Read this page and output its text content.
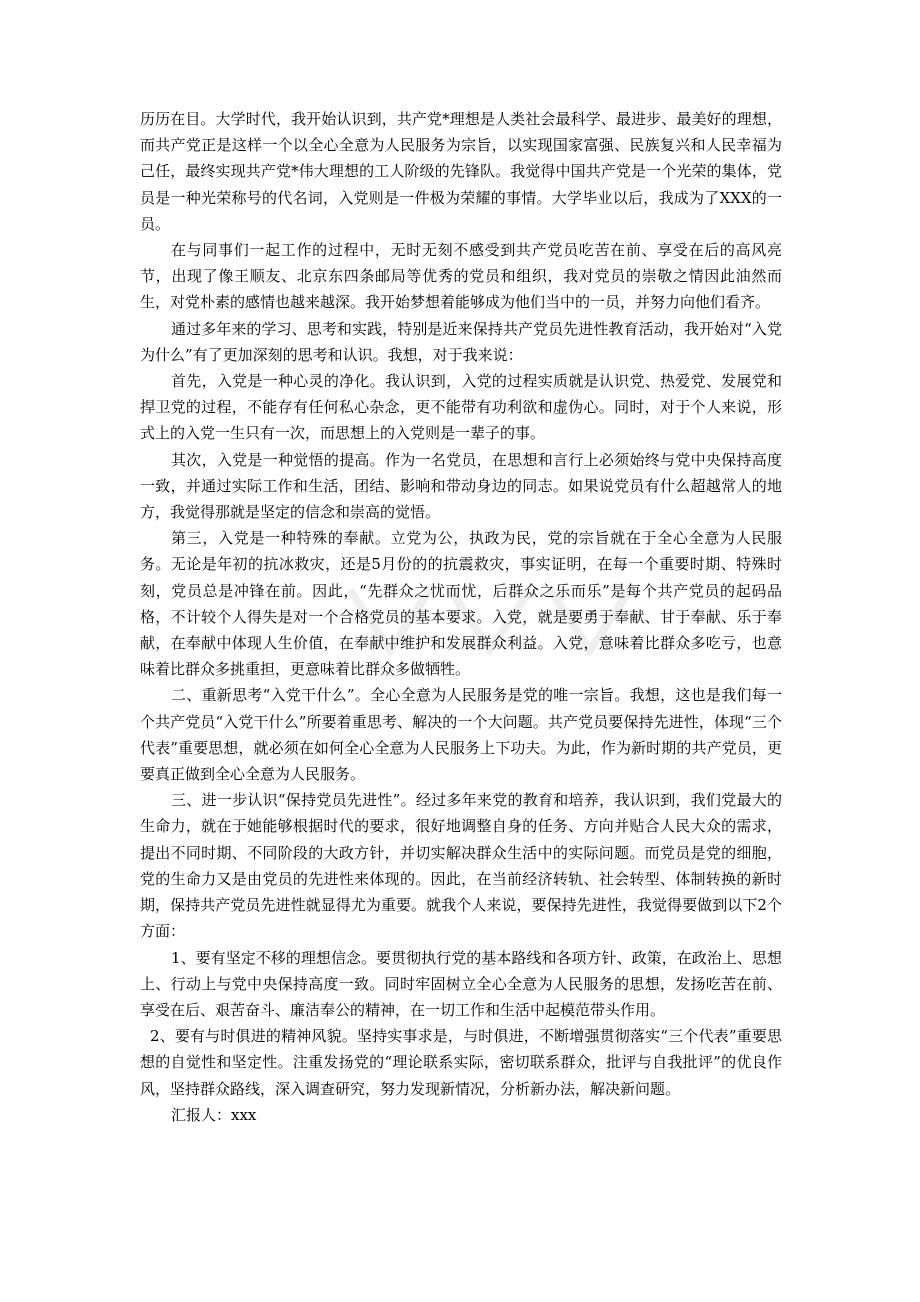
历历在目。大学时代，我开始认识到，共产党*理想是人类社会最科学、最进步、最美好的理想，而共产党正是这样一个以全心全意为人民服务为宗旨，以实现国家富强、民族复兴和人民幸福为己任，最终实现共产党*伟大理想的工人阶级的先锋队。我觉得中国共产党是一个光荣的集体，党员是一种光荣称号的代名词，入党则是一件极为荣耀的事情。大学毕业以后，我成为了XXX的一员。

在与同事们一起工作的过程中，无时无刻不感受到共产党员吃苦在前、享受在后的高风亮节，出现了像王顺友、北京东四条邮局等优秀的党员和组织，我对党员的崇敬之情因此油然而生，对党朴素的感情也越来越深。我开始梦想着能够成为他们当中的一员，并努力向他们看齐。

通过多年来的学习、思考和实践，特别是近来保持共产党员先进性教育活动，我开始对“入党为什么”有了更加深刻的思考和认识。我想，对于我来说：

首先，入党是一种心灵的净化。我认识到，入党的过程实质就是认识党、热爱党、发展党和捍卫党的过程，不能存有任何私心杂念，更不能带有功利欲和虚伪心。同时，对于个人来说，形式上的入党一生只有一次，而思想上的入党则是一辈子的事。

其次，入党是一种觉悟的提高。作为一名党员，在思想和言行上必须始终与党中央保持高度一致，并通过实际工作和生活，团结、影响和带动身边的同志。如果说党员有什么超越常人的地方，我觉得那就是坚定的信念和崇高的觉悟。

第三，入党是一种特殊的奉献。立党为公，执政为民，党的宗旨就在于全心全意为人民服务。无论是年初的抗冰救灾，还是5月份的的抗震救灾，事实证明，在每一个重要时期、特殊时刻，党员总是冲锋在前。因此，“先群众之忧而忧，后群众之乐而乐”是每个共产党员的起码品格，不计较个人得失是对一个合格党员的基本要求。入党，就是要勇于奉献、甘于奉献、乐于奉献，在奉献中体现人生价值，在奉献中维护和发展群众利益。入党，意味着比群众多吃亏，也意味着比群众多挑重担，更意味着比群众多做牺牲。

二、重新思考“入党干什么”。全心全意为人民服务是党的唯一宗旨。我想，这也是我们每一个共产党员“入党干什么”所要着重思考、解决的一个大问题。共产党员要保持先进性，体现“三个代表”重要思想，就必须在如何全心全意为人民服务上下功夫。为此，作为新时期的共产党员，更要真正做到全心全意为人民服务。

三、进一步认识“保持党员先进性”。经过多年来党的教育和培养，我认识到，我们党最大的生命力，就在于她能够根据时代的要求，很好地调整自身的任务、方向并贴合人民大众的需求，提出不同时期、不同阶段的大政方针，并切实解决群众生活中的实际问题。而党员是党的细胞，党的生命力又是由党员的先进性来体现的。因此，在当前经济转轨、社会转型、体制转换的新时期，保持共产党员先进性就显得尤为重要。就我个人来说，要保持先进性，我觉得要做到以下2个方面：

1、要有坚定不移的理想信念。要贯彻执行党的基本路线和各项方针、政策，在政治上、思想上、行动上与党中央保持高度一致。同时牢固树立全心全意为人民服务的思想，发扬吃苦在前、享受在后、艰苦奋斗、廉洁奉公的精神，在一切工作和生活中起模范带头作用。

2、要有与时俱进的精神风貌。坚持实事求是，与时俱进，不断增强贯彻落实“三个代表”重要思想的自觉性和坚定性。注重发扬党的“理论联系实际，密切联系群众，批评与自我批评”的优良作风，坚持群众路线，深入调查研究，努力发现新情况，分析新办法，解决新问题。

汇报人：xxx
